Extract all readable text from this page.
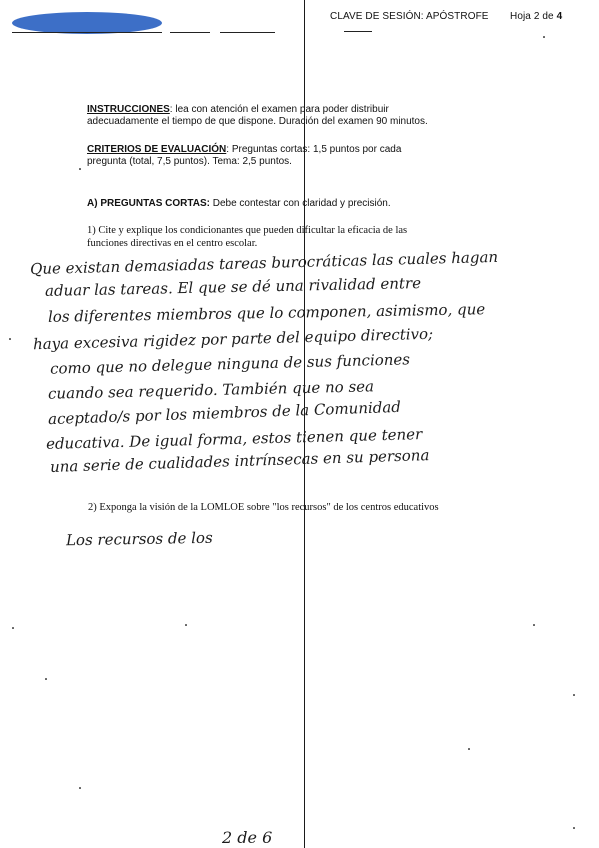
CLAVE DE SESIÓN: APÓSTROFE Hoja 2 de 4
INSTRUCCIONES: lea con atención el examen para poder distribuir
adecuadamente el tiempo de que dispone. Duración del examen 90 minutos.
CRITERIOS DE EVALUACIÓN: Preguntas cortas: 1,5 puntos por cada
pregunta (total, 7,5 puntos). Tema: 2,5 puntos.
A) PREGUNTAS CORTAS: Debe contestar con claridad y precisión.
1) Cite y explique los condicionantes que pueden dificultar la eficacia de las
funciones directivas en el centro escolar.
Que existan demasiadas tareas burocráticas las cuales hagan
aduar las tareas. El que se dé una rivalidad entre
los diferentes miembros que lo componen, asimismo, que
haya excesiva rigidez por parte del equipo directivo;
como que no delegue ninguna de sus funciones
cuando sea requerido. También que no sea
aceptado/s por los miembros de la Comunidad
educativa. De igual forma, estos tienen que tener
una serie de cualidades intrínsecas en su persona
2) Exponga la visión de la LOMLOE sobre "los recursos" de los centros educativos
Los recursos de los
2 de 6
